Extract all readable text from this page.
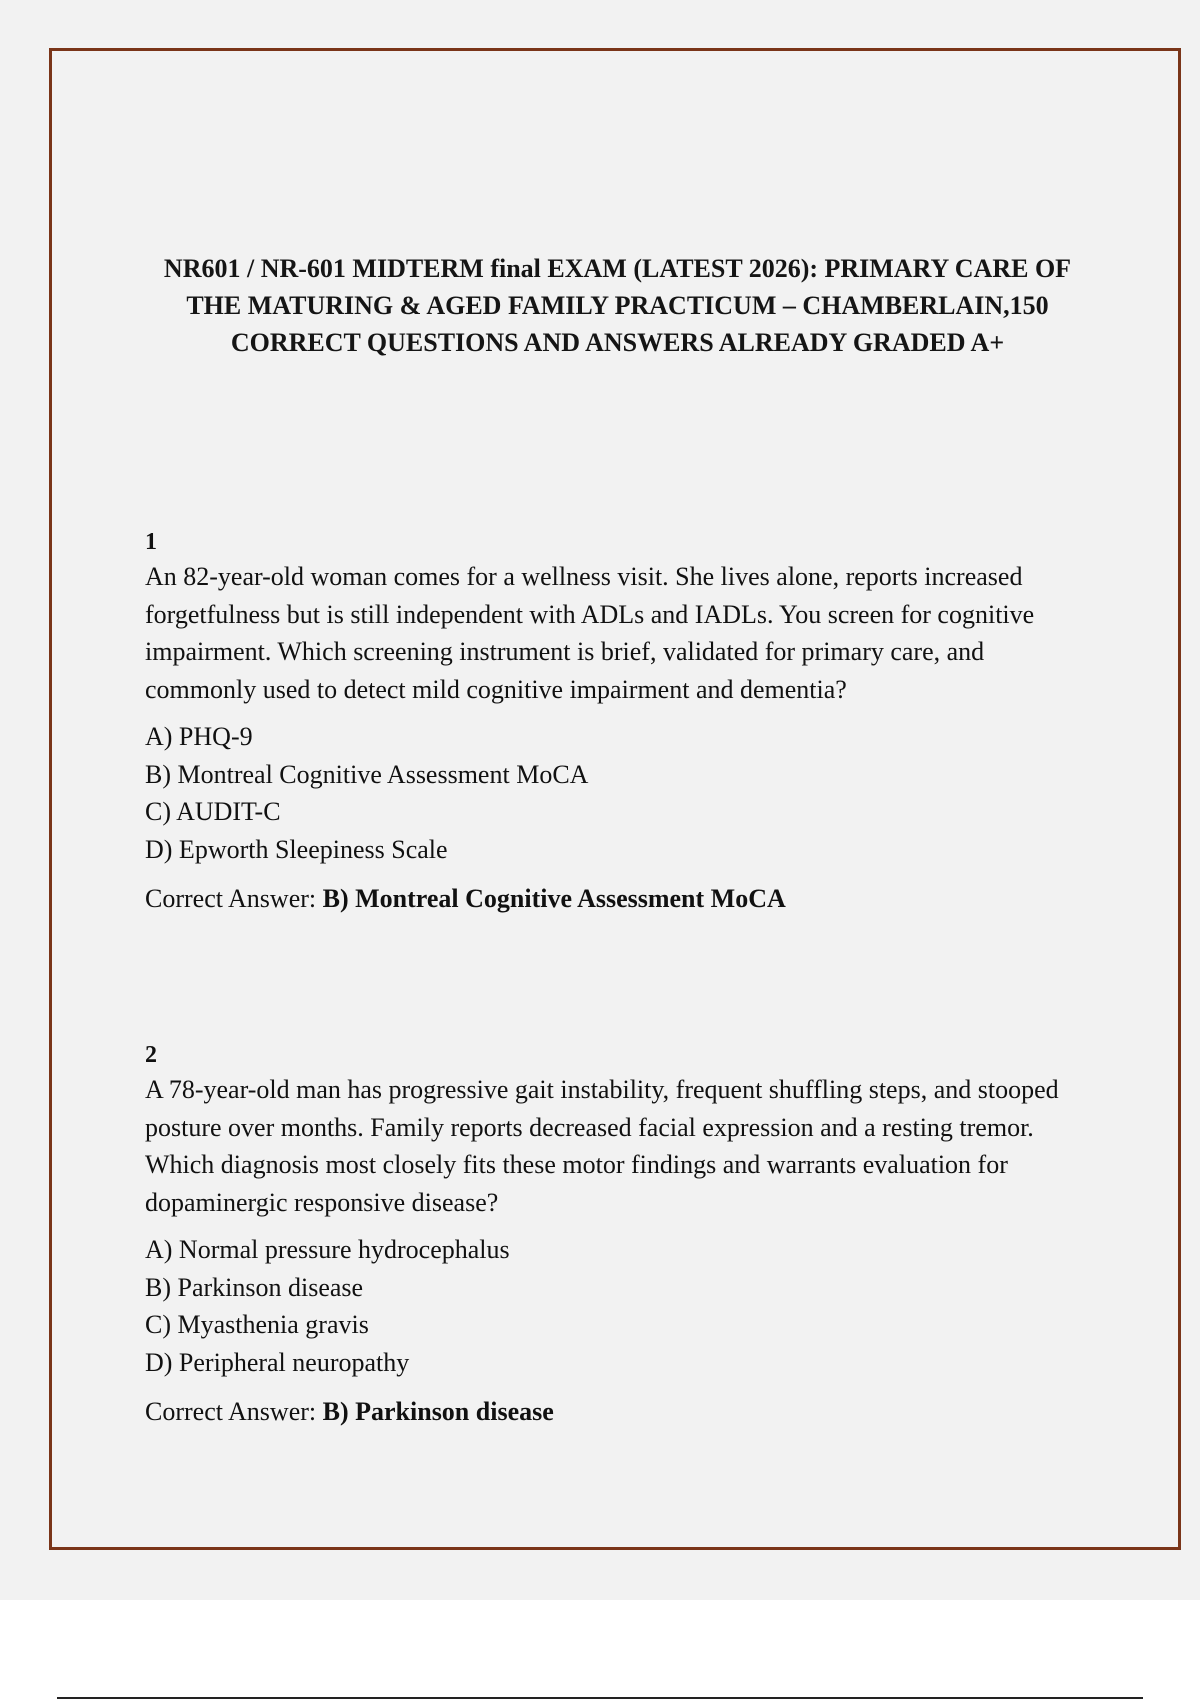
NR601 / NR-601 MIDTERM final EXAM (LATEST 2026): PRIMARY CARE OF THE MATURING & AGED FAMILY PRACTICUM – CHAMBERLAIN,150 CORRECT QUESTIONS AND ANSWERS ALREADY GRADED A+

1

An 82-year-old woman comes for a wellness visit. She lives alone, reports increased forgetfulness but is still independent with ADLs and IADLs. You screen for cognitive impairment. Which screening instrument is brief, validated for primary care, and commonly used to detect mild cognitive impairment and dementia?

A) PHQ-9
B) Montreal Cognitive Assessment MoCA
C) AUDIT-C
D) Epworth Sleepiness Scale

Correct Answer: B) Montreal Cognitive Assessment MoCA

2

A 78-year-old man has progressive gait instability, frequent shuffling steps, and stooped posture over months. Family reports decreased facial expression and a resting tremor. Which diagnosis most closely fits these motor findings and warrants evaluation for dopaminergic responsive disease?

A) Normal pressure hydrocephalus
B) Parkinson disease
C) Myasthenia gravis
D) Peripheral neuropathy

Correct Answer: B) Parkinson disease
